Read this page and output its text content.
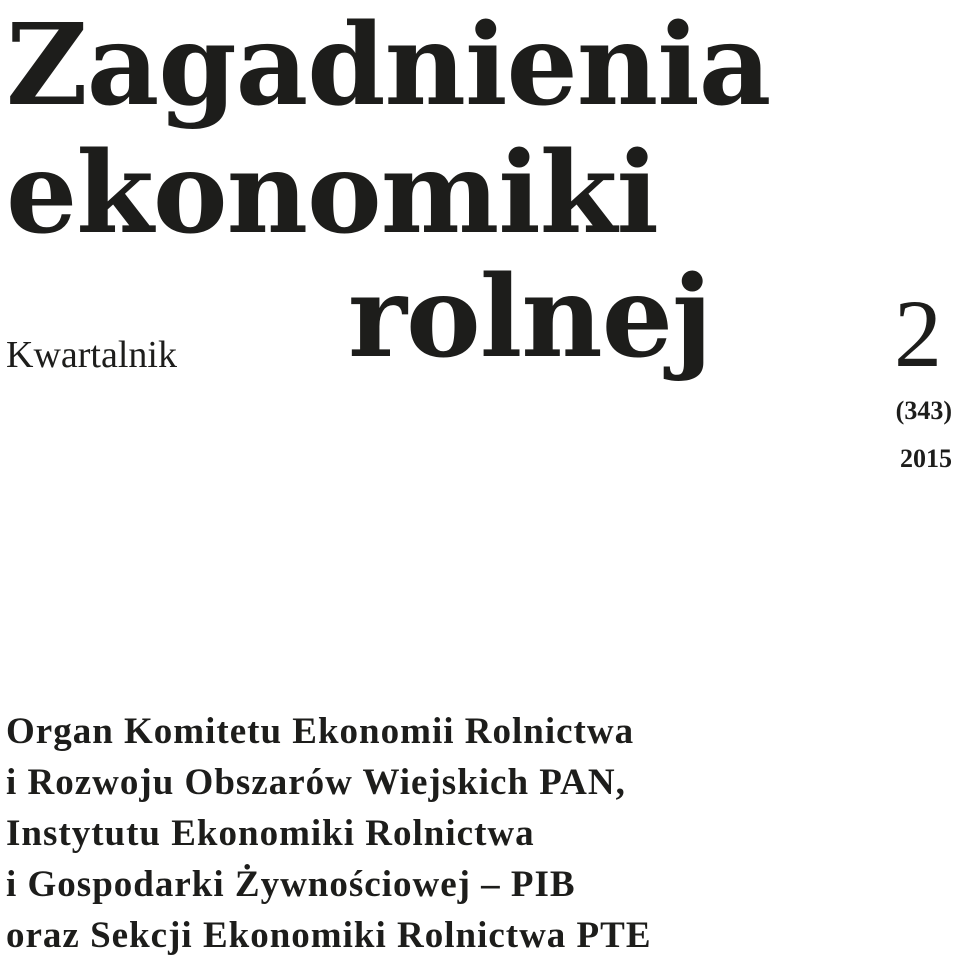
Zagadnienia
ekonomiki
rolnej
Kwartalnik	2
(343)
2015
Organ Komitetu Ekonomii Rolnictwa
i Rozwoju Obszarów Wiejskich PAN,
Instytutu Ekonomiki Rolnictwa
i Gospodarki Żywnościowej – PIB
oraz Sekcji Ekonomiki Rolnictwa PTE
